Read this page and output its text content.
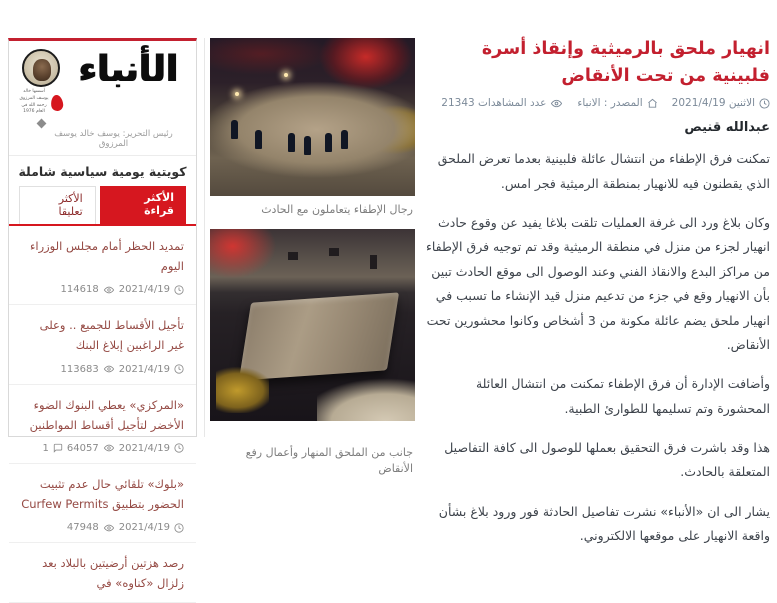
الأنباء
أسسها خالد يوسف المرزوق رحمه الله في العام 1976
رئيس التحرير: يوسف خالد يوسف المرزوق
كويتية يومية سياسية شاملة
الأكثر قراءة
الأكثر تعليقا
تمديد الحظر أمام مجلس الوزراء اليوم
2021/4/19
114618
تأجيل الأقساط للجميع .. وعلى غير الراغبين إبلاغ البنك
2021/4/19
113683
«المركزي» يعطي البنوك الضوء الأخضر لتأجيل أقساط المواطنين
2021/4/19
64057
1
«بلوك» تلقائي حال عدم تثبيت الحضور بتطبيق Curfew Permits
2021/4/19
47948
رصد هزتين أرضيتين بالبلاد بعد زلزال «كناوه» في
رجال الإطفاء يتعاملون مع الحادث
جانب من الملحق المنهار وأعمال رفع الأنقاض
انهيار ملحق بالرميثية وإنقاذ أسرة فلبينية من تحت الأنقاض
الاثنين 2021/4/19
المصدر : الانباء
عدد المشاهدات 21343
عبدالله قنيص

تمكنت فرق الإطفاء من انتشال عائلة فلبينية بعدما تعرض الملحق الذي يقطنون فيه للانهيار بمنطقة الرميثية فجر امس.

وكان بلاغ ورد الى غرفة العمليات تلقت بلاغا يفيد عن وقوع حادث انهيار لجزء من منزل في منطقة الرميثية وقد تم توجيه فرق الإطفاء من مراكز البدع والانقاذ الفني وعند الوصول الى موقع الحادث تبين بأن الانهيار وقع في جزء من تدعيم منزل قيد الإنشاء ما تسبب في انهيار ملحق يضم عائلة مكونة من 3 أشخاص وكانوا محشورين تحت الأنقاض.

وأضافت الإدارة أن فرق الإطفاء تمكنت من انتشال العائلة المحشورة وتم تسليمها للطوارئ الطبية.

هذا وقد باشرت فرق التحقيق بعملها للوصول الى كافة التفاصيل المتعلقة بالحادث.

يشار الى ان «الأنباء» نشرت تفاصيل الحادثة فور ورود بلاغ بشأن واقعة الانهيار على موقعها الالكتروني.
